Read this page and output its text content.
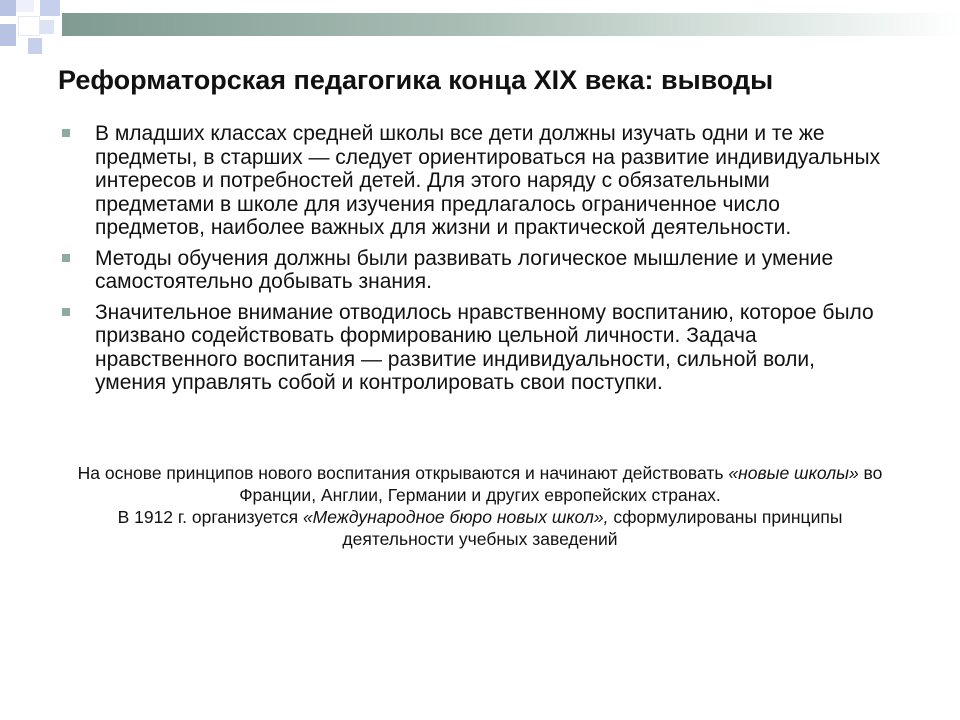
Реформаторская педагогика конца XIX века: выводы
В младших классах средней школы все дети должны изучать одни и те же предметы, в старших — следует ориентироваться на развитие индивидуальных интересов и потребностей детей. Для этого наряду с обязательными предметами в школе для изучения предлагалось ограниченное число предметов, наиболее важных для жизни и практической деятельности.
Методы обучения должны были развивать логическое мышление и умение самостоятельно добывать знания.
Значительное внимание отводилось нравственному воспитанию, которое было призвано содействовать формированию цельной личности. Задача нравственного воспитания — развитие индивидуальности, сильной воли, умения управлять собой и контролировать свои поступки.

На основе принципов нового воспитания открываются и начинают действовать «новые школы» во Франции, Англии, Германии и других европейских странах.

В 1912 г. организуется «Международное бюро новых школ», сформулированы принципы деятельности учебных заведений
